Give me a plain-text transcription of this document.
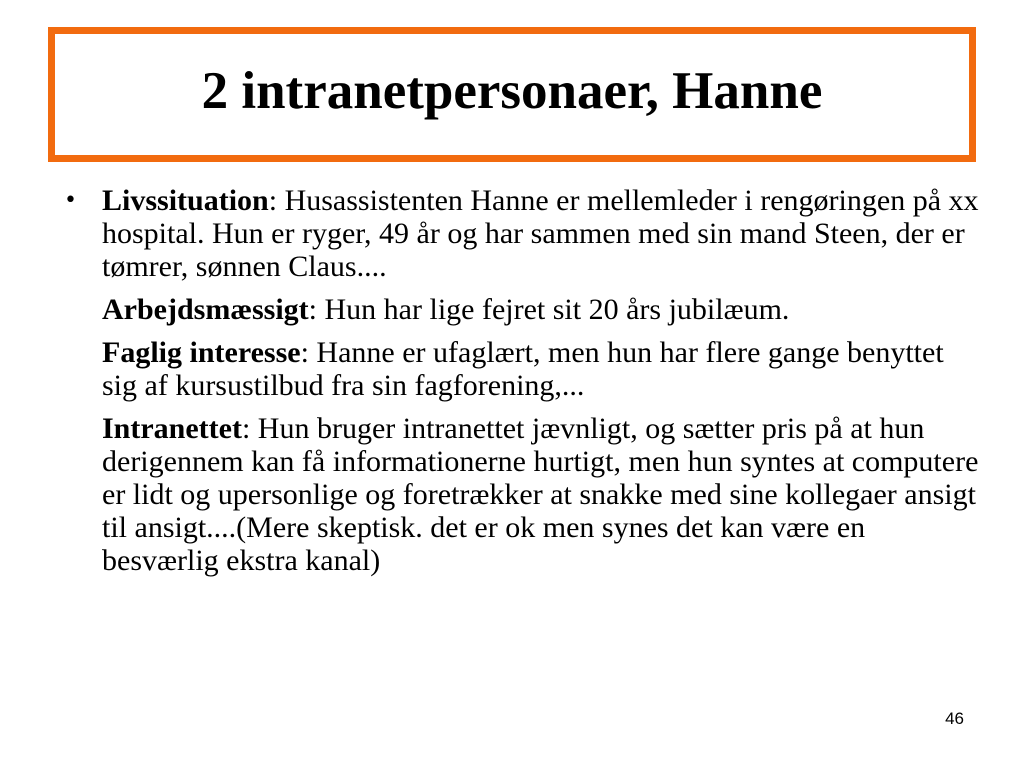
2 intranetpersonaer, Hanne

• Livssituation: Husassistenten Hanne er mellemleder i rengøringen på xx hospital. Hun er ryger, 49 år og har sammen med sin mand Steen, der er tømrer, sønnen Claus....

Arbejdsmæssigt: Hun har lige fejret sit 20 års jubilæum.

Faglig interesse: Hanne er ufaglært, men hun har flere gange benyttet sig af kursustilbud fra sin fagforening,...

Intranettet: Hun bruger intranettet jævnligt, og sætter pris på at hun derigennem kan få informationerne hurtigt, men hun syntes at computere er lidt og upersonlige og foretrækker at snakke med sine kollegaer ansigt til ansigt....(Mere skeptisk. det er ok men synes det kan være en besværlig ekstra kanal)

46
